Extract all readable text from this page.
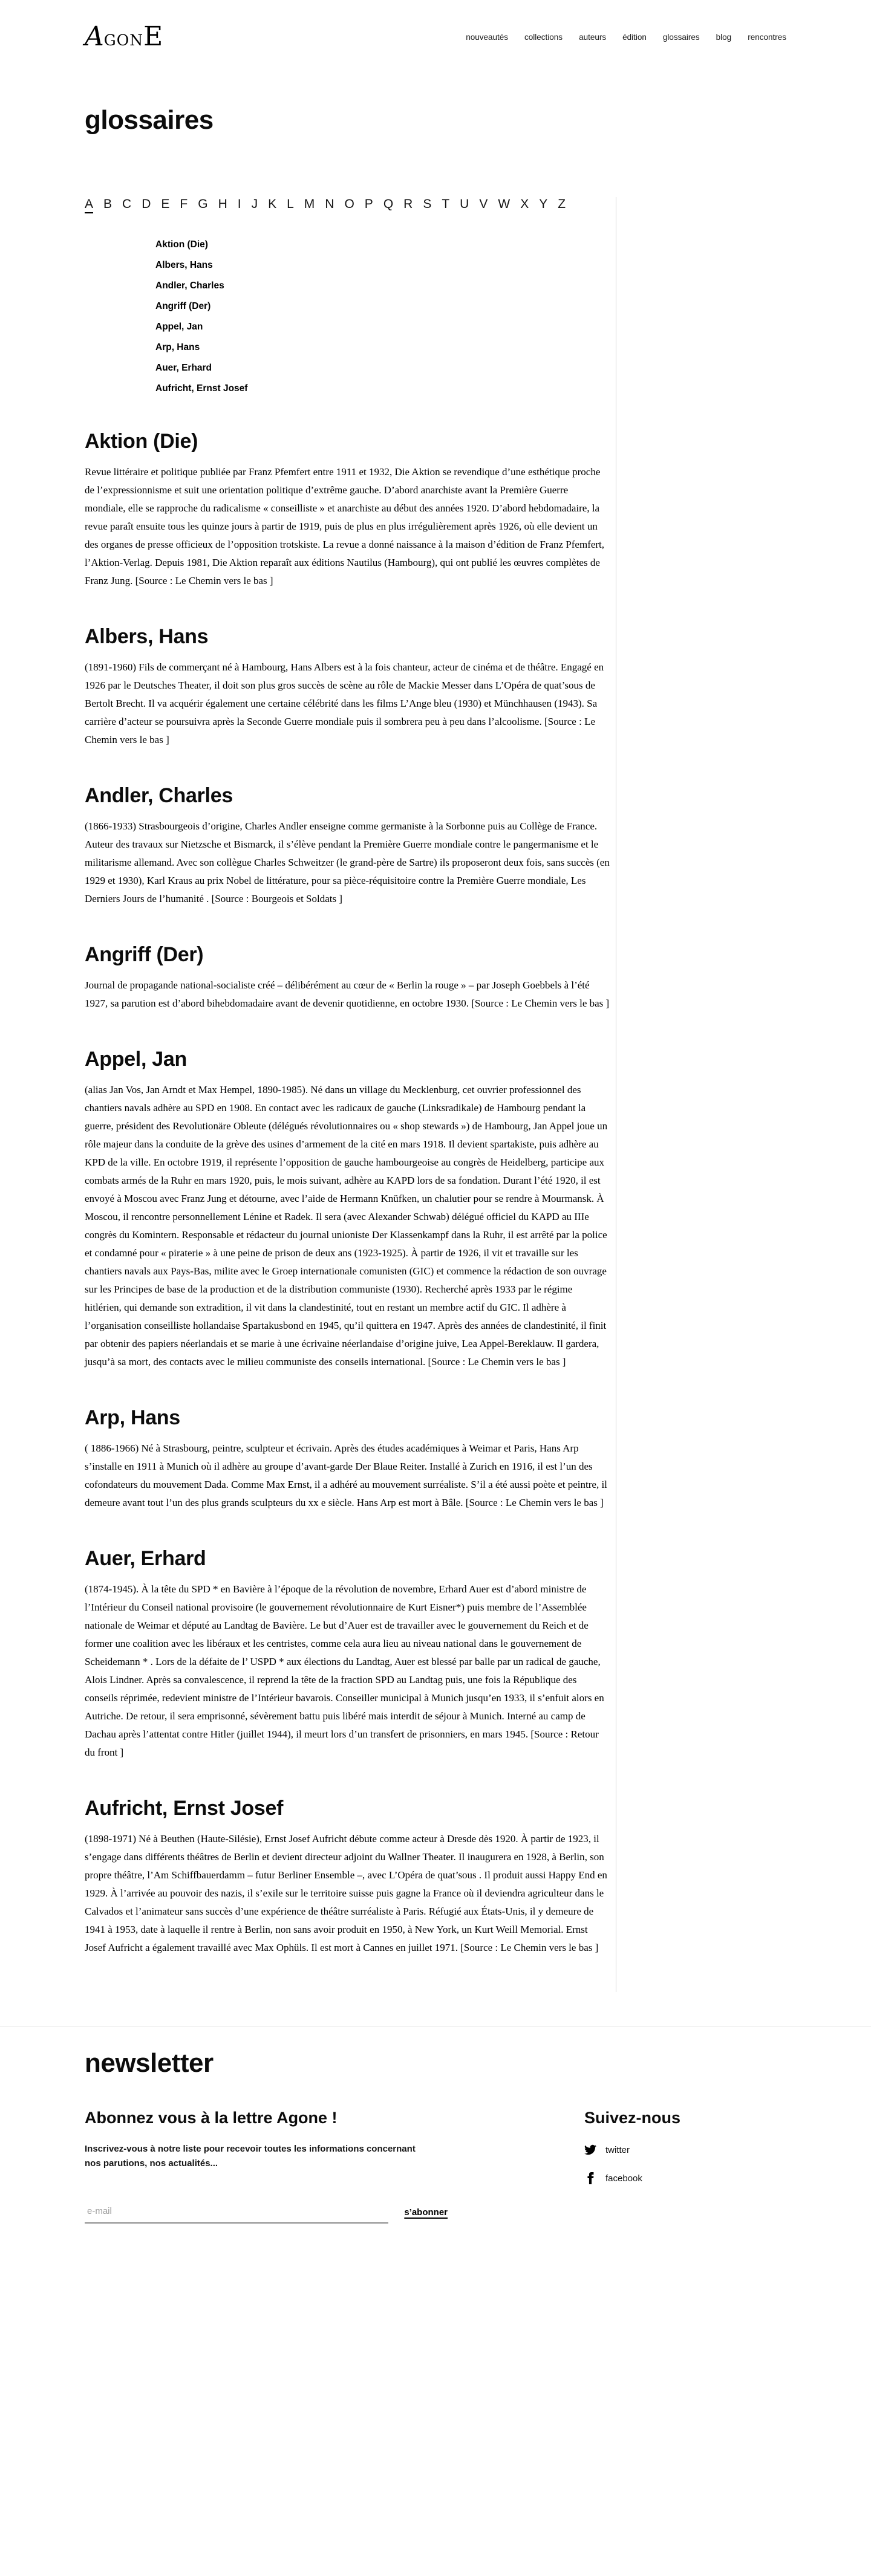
A GON E	nouveautés collections auteurs édition glossaires blog rencontres
glossaires
A B C D E F G H I J K L M N O P Q R S T U V W X Y Z
Aktion (Die)
Albers, Hans
Andler, Charles
Angriff (Der)
Appel, Jan
Arp, Hans
Auer, Erhard
Aufricht, Ernst Josef
Aktion (Die)

Revue littéraire et politique publiée par Franz Pfemfert entre 1911 et 1932, Die Aktion se revendique d’une esthétique proche de l’expressionnisme et suit une orientation politique d’extrême gauche. D’abord anarchiste avant la Première Guerre mondiale, elle se rapproche du radicalisme « conseilliste » et anarchiste au début des années 1920. D’abord hebdomadaire, la revue paraît ensuite tous les quinze jours à partir de 1919, puis de plus en plus irrégulièrement après 1926, où elle devient un des organes de presse officieux de l’opposition trotskiste. La revue a donné naissance à la maison d’édition de Franz Pfemfert, l’Aktion-Verlag. Depuis 1981, Die Aktion reparaît aux éditions Nautilus (Hambourg), qui ont publié les œuvres complètes de Franz Jung. [Source : Le Chemin vers le bas ]

Albers, Hans

(1891-1960) Fils de commerçant né à Hambourg, Hans Albers est à la fois chanteur, acteur de cinéma et de théâtre. Engagé en 1926 par le Deutsches Theater, il doit son plus gros succès de scène au rôle de Mackie Messer dans L’Opéra de quat’sous de Bertolt Brecht. Il va acquérir également une certaine célébrité dans les films L’Ange bleu (1930) et Münchhausen (1943). Sa carrière d’acteur se poursuivra après la Seconde Guerre mondiale puis il sombrera peu à peu dans l’alcoolisme. [Source : Le Chemin vers le bas ]

Andler, Charles

(1866-1933) Strasbourgeois d’origine, Charles Andler enseigne comme germaniste à la Sorbonne puis au Collège de France. Auteur des travaux sur Nietzsche et Bismarck, il s’élève pendant la Première Guerre mondiale contre le pangermanisme et le militarisme allemand. Avec son collègue Charles Schweitzer (le grand-père de Sartre) ils proposeront deux fois, sans succès (en 1929 et 1930), Karl Kraus au prix Nobel de littérature, pour sa pièce-réquisitoire contre la Première Guerre mondiale, Les Derniers Jours de l’humanité . [Source : Bourgeois et Soldats ]

Angriff (Der)

Journal de propagande national-socialiste créé – délibérément au cœur de « Berlin la rouge » – par Joseph Goebbels à l’été 1927, sa parution est d’abord bihebdomadaire avant de devenir quotidienne, en octobre 1930. [Source : Le Chemin vers le bas ]

Appel, Jan

(alias Jan Vos, Jan Arndt et Max Hempel, 1890-1985). Né dans un village du Mecklenburg, cet ouvrier professionnel des chantiers navals adhère au SPD en 1908. En contact avec les radicaux de gauche (Linksradikale) de Hambourg pendant la guerre, président des Revolutionäre Obleute (délégués révolutionnaires ou « shop stewards ») de Hambourg, Jan Appel joue un rôle majeur dans la conduite de la grève des usines d’armement de la cité en mars 1918. Il devient spartakiste, puis adhère au KPD de la ville. En octobre 1919, il représente l’opposition de gauche hambourgeoise au congrès de Heidelberg, participe aux combats armés de la Ruhr en mars 1920, puis, le mois suivant, adhère au KAPD lors de sa fondation. Durant l’été 1920, il est envoyé à Moscou avec Franz Jung et détourne, avec l’aide de Hermann Knüfken, un chalutier pour se rendre à Mourmansk. À Moscou, il rencontre personnellement Lénine et Radek. Il sera (avec Alexander Schwab) délégué officiel du KAPD au IIIe congrès du Komintern. Responsable et rédacteur du journal unioniste Der Klassenkampf dans la Ruhr, il est arrêté par la police et condamné pour « piraterie » à une peine de prison de deux ans (1923-1925). À partir de 1926, il vit et travaille sur les chantiers navals aux Pays-Bas, milite avec le Groep internationale comunisten (GIC) et commence la rédaction de son ouvrage sur les Principes de base de la production et de la distribution communiste (1930). Recherché après 1933 par le régime hitlérien, qui demande son extradition, il vit dans la clandestinité, tout en restant un membre actif du GIC. Il adhère à l’organisation conseilliste hollandaise Spartakusbond en 1945, qu’il quittera en 1947. Après des années de clandestinité, il finit par obtenir des papiers néerlandais et se marie à une écrivaine néerlandaise d’origine juive, Lea Appel-Bereklauw. Il gardera, jusqu’à sa mort, des contacts avec le milieu communiste des conseils international. [Source : Le Chemin vers le bas ]

Arp, Hans

( 1886-1966) Né à Strasbourg, peintre, sculpteur et écrivain. Après des études académiques à Weimar et Paris, Hans Arp s’installe en 1911 à Munich où il adhère au groupe d’avant-garde Der Blaue Reiter. Installé à Zurich en 1916, il est l’un des cofondateurs du mouvement Dada. Comme Max Ernst, il a adhéré au mouvement surréaliste. S’il a été aussi poète et peintre, il demeure avant tout l’un des plus grands sculpteurs du xx e siècle. Hans Arp est mort à Bâle. [Source : Le Chemin vers le bas ]

Auer, Erhard

(1874-1945). À la tête du SPD * en Bavière à l’époque de la révolution de novembre, Erhard Auer est d’abord ministre de l’Intérieur du Conseil national provisoire (le gouvernement révolutionnaire de Kurt Eisner*) puis membre de l’Assemblée nationale de Weimar et député au Landtag de Bavière. Le but d’Auer est de travailler avec le gouvernement du Reich et de former une coalition avec les libéraux et les centristes, comme cela aura lieu au niveau national dans le gouvernement de Scheidemann * . Lors de la défaite de l’ USPD * aux élections du Landtag, Auer est blessé par balle par un radical de gauche, Alois Lindner. Après sa convalescence, il reprend la tête de la fraction SPD au Landtag puis, une fois la République des conseils réprimée, redevient ministre de l’Intérieur bavarois. Conseiller municipal à Munich jusqu’en 1933, il s’enfuit alors en Autriche. De retour, il sera emprisonné, sévèrement battu puis libéré mais interdit de séjour à Munich. Interné au camp de Dachau après l’attentat contre Hitler (juillet 1944), il meurt lors d’un transfert de prisonniers, en mars 1945. [Source : Retour du front ]

Aufricht, Ernst Josef

(1898-1971) Né à Beuthen (Haute-Silésie), Ernst Josef Aufricht débute comme acteur à Dresde dès 1920. À partir de 1923, il s’engage dans différents théâtres de Berlin et devient directeur adjoint du Wallner Theater. Il inaugurera en 1928, à Berlin, son propre théâtre, l’Am Schiffbauerdamm – futur Berliner Ensemble –, avec L’Opéra de quat’sous . Il produit aussi Happy End en 1929. À l’arrivée au pouvoir des nazis, il s’exile sur le territoire suisse puis gagne la France où il deviendra agriculteur dans le Calvados et l’animateur sans succès d’une expérience de théâtre surréaliste à Paris. Réfugié aux États-Unis, il y demeure de 1941 à 1953, date à laquelle il rentre à Berlin, non sans avoir produit en 1950, à New York, un Kurt Weill Memorial. Ernst Josef Aufricht a également travaillé avec Max Ophüls. Il est mort à Cannes en juillet 1971. [Source : Le Chemin vers le bas ]

newsletter
Abonnez vous à la lettre Agone !

Inscrivez-vous à notre liste pour recevoir toutes les informations concernant nos parutions, nos actualités...

e-mail
s’abonner
Suivez-nous
twitter
facebook
